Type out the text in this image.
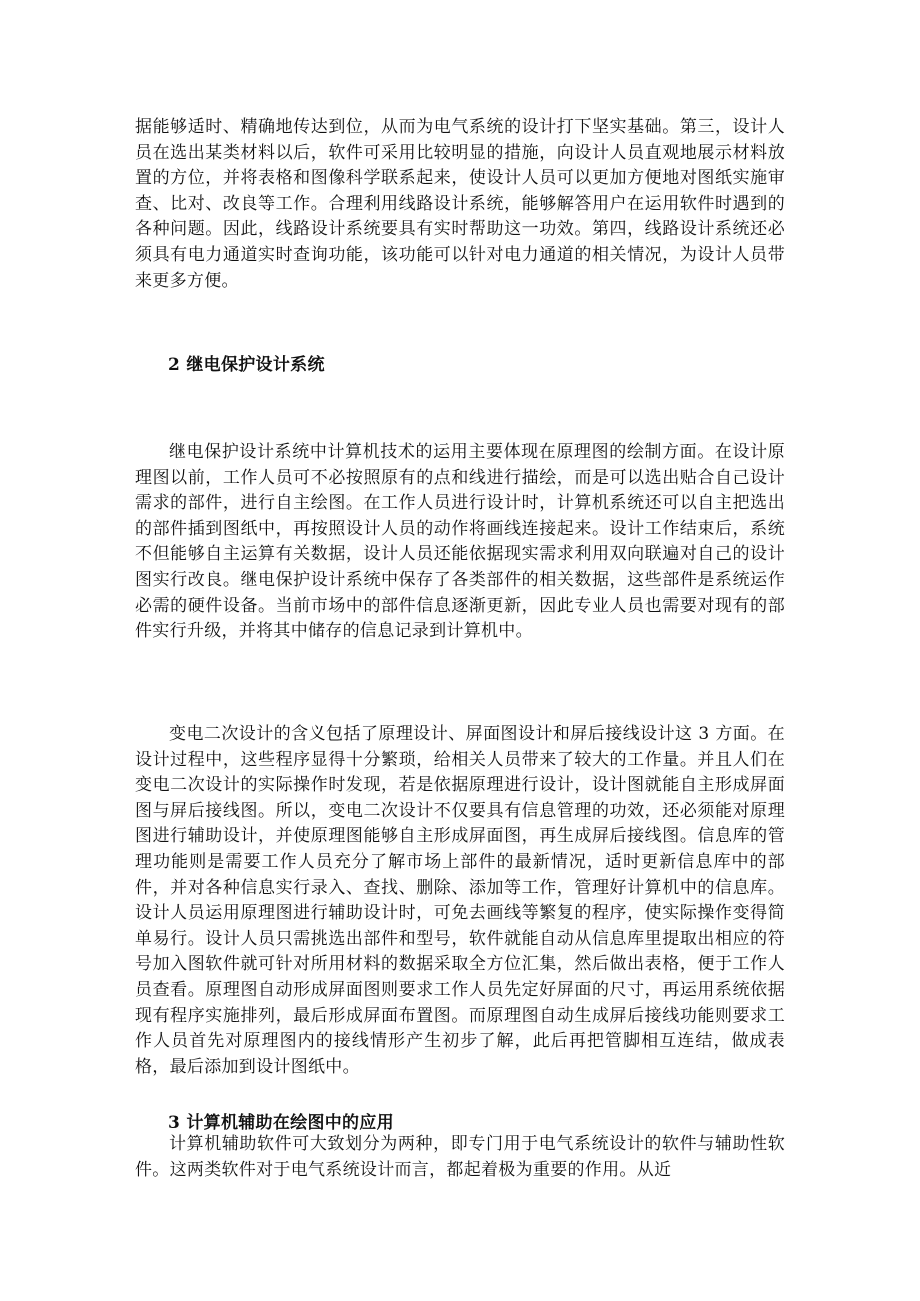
据能够适时、精确地传达到位，从而为电气系统的设计打下坚实基础。第三，设计人员在选出某类材料以后，软件可采用比较明显的措施，向设计人员直观地展示材料放置的方位，并将表格和图像科学联系起来，使设计人员可以更加方便地对图纸实施审查、比对、改良等工作。合理利用线路设计系统，能够解答用户在运用软件时遇到的各种问题。因此，线路设计系统要具有实时帮助这一功效。第四，线路设计系统还必须具有电力通道实时查询功能，该功能可以针对电力通道的相关情况，为设计人员带来更多方便。

2 继电保护设计系统

继电保护设计系统中计算机技术的运用主要体现在原理图的绘制方面。在设计原理图以前，工作人员可不必按照原有的点和线进行描绘，而是可以选出贴合自己设计需求的部件，进行自主绘图。在工作人员进行设计时，计算机系统还可以自主把选出的部件插到图纸中，再按照设计人员的动作将画线连接起来。设计工作结束后，系统不但能够自主运算有关数据，设计人员还能依据现实需求利用双向联遍对自己的设计图实行改良。继电保护设计系统中保存了各类部件的相关数据，这些部件是系统运作必需的硬件设备。当前市场中的部件信息逐渐更新，因此专业人员也需要对现有的部件实行升级，并将其中储存的信息记录到计算机中。

变电二次设计的含义包括了原理设计、屏面图设计和屏后接线设计这 3 方面。在设计过程中，这些程序显得十分繁琐，给相关人员带来了较大的工作量。并且人们在变电二次设计的实际操作时发现，若是依据原理进行设计，设计图就能自主形成屏面图与屏后接线图。所以，变电二次设计不仅要具有信息管理的功效，还必须能对原理图进行辅助设计，并使原理图能够自主形成屏面图，再生成屏后接线图。信息库的管理功能则是需要工作人员充分了解市场上部件的最新情况，适时更新信息库中的部件，并对各种信息实行录入、查找、删除、添加等工作，管理好计算机中的信息库。设计人员运用原理图进行辅助设计时，可免去画线等繁复的程序，使实际操作变得简单易行。设计人员只需挑选出部件和型号，软件就能自动从信息库里提取出相应的符号加入图软件就可针对所用材料的数据采取全方位汇集，然后做出表格，便于工作人员查看。原理图自动形成屏面图则要求工作人员先定好屏面的尺寸，再运用系统依据现有程序实施排列，最后形成屏面布置图。而原理图自动生成屏后接线功能则要求工作人员首先对原理图内的接线情形产生初步了解，此后再把管脚相互连结，做成表格，最后添加到设计图纸中。

3 计算机辅助在绘图中的应用

计算机辅助软件可大致划分为两种，即专门用于电气系统设计的软件与辅助性软件。这两类软件对于电气系统设计而言，都起着极为重要的作用。从近
